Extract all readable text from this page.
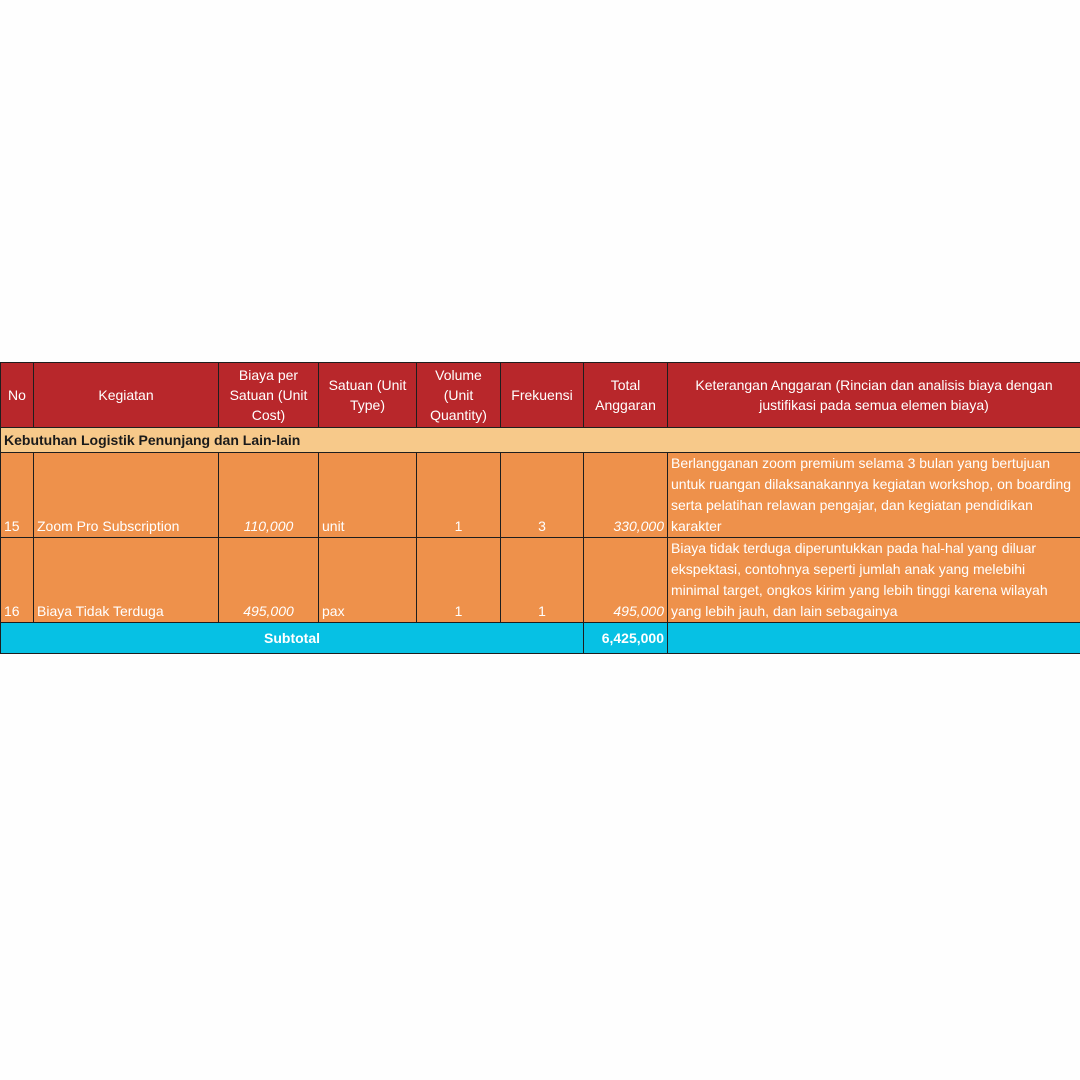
No	Kegiatan	Biaya per Satuan (Unit Cost)	Satuan (Unit Type)	Volume (Unit Quantity)	Frekuensi	Total Anggaran	Keterangan Anggaran (Rincian dan analisis biaya dengan justifikasi pada semua elemen biaya)
Kebutuhan Logistik Penunjang dan Lain-lain							
15	Zoom Pro Subscription	110,000	unit	1	3	330,000	Berlangganan zoom premium selama 3 bulan yang bertujuan untuk ruangan dilaksanakannya kegiatan workshop, on boarding serta pelatihan relawan pengajar, dan kegiatan pendidikan karakter
16	Biaya Tidak Terduga	495,000	pax	1	1	495,000	Biaya tidak terduga diperuntukkan pada hal-hal yang diluar ekspektasi, contohnya seperti jumlah anak yang melebihi minimal target, ongkos kirim yang lebih tinggi karena wilayah yang lebih jauh, dan lain sebagainya
Subtotal						6,425,000	
